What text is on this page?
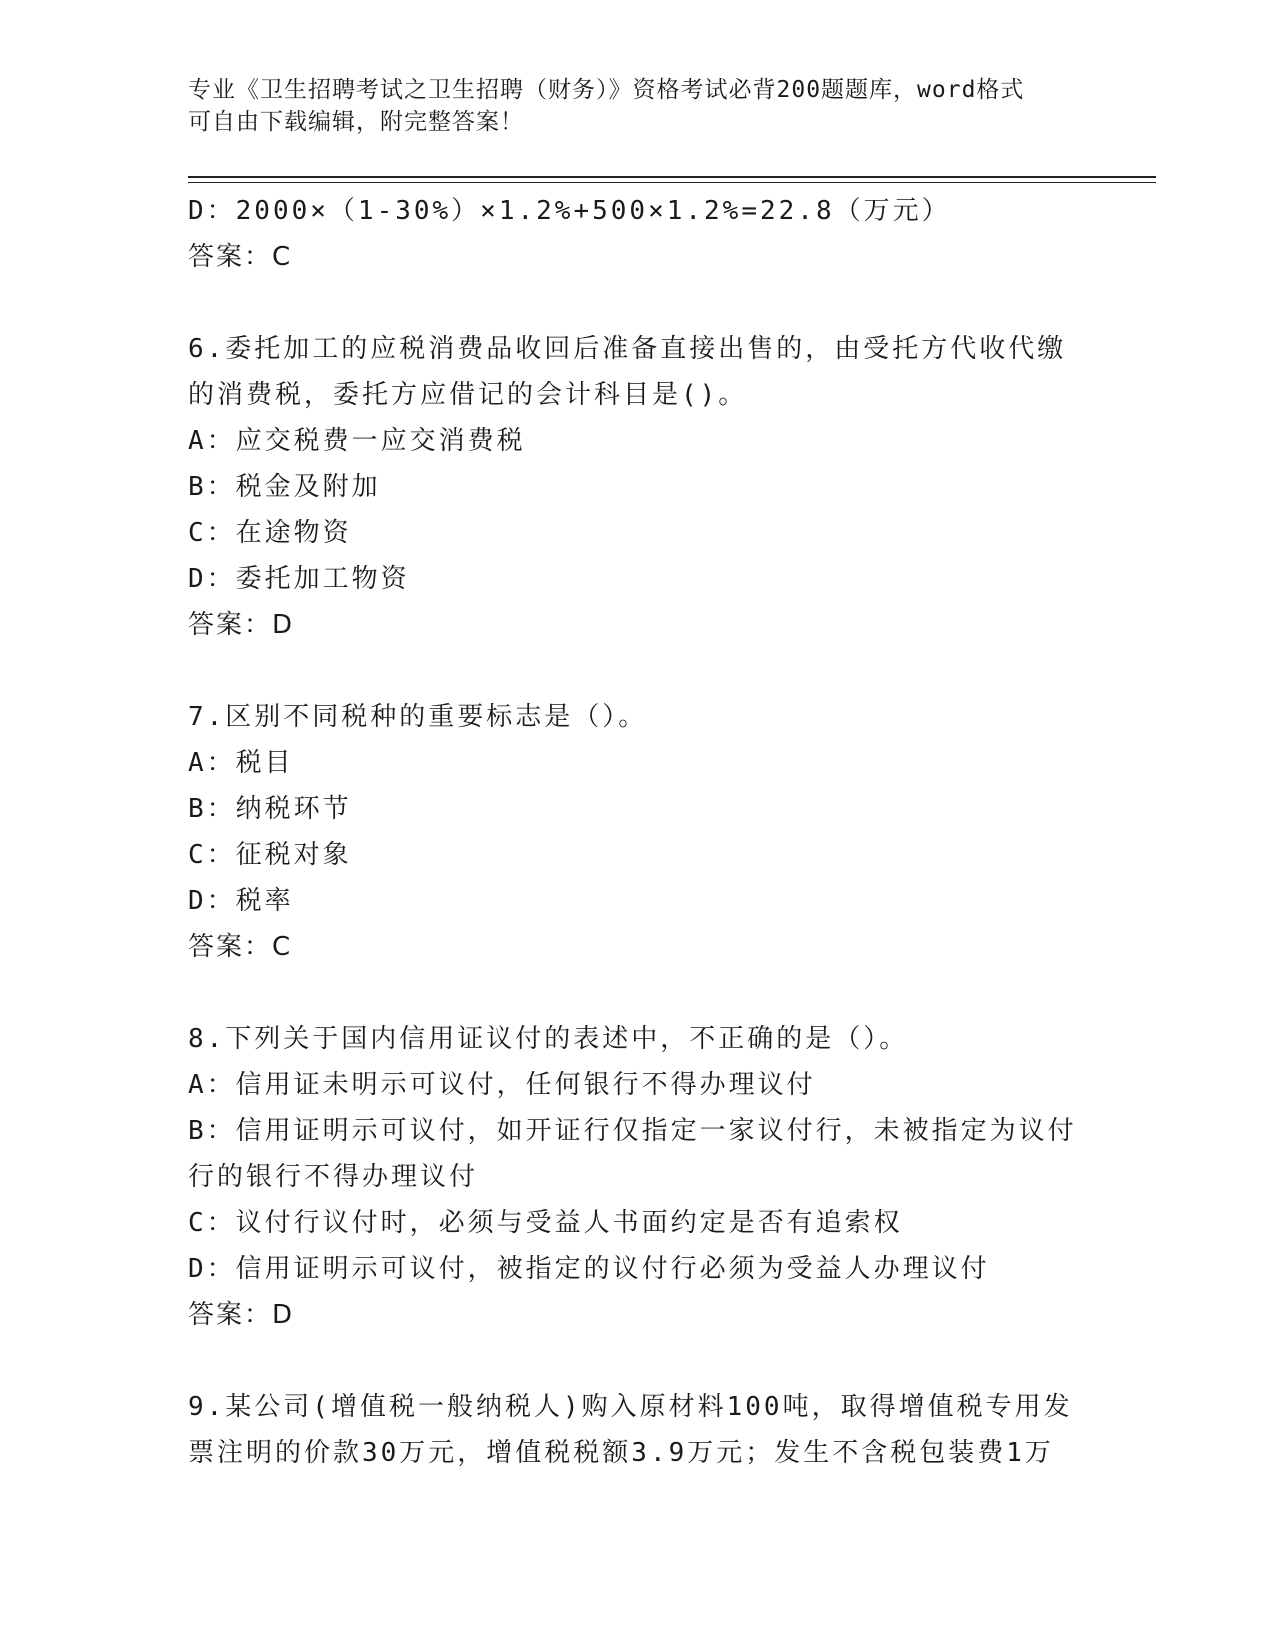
专业《卫生招聘考试之卫生招聘（财务）》资格考试必背200题题库，word格式
可自由下载编辑，附完整答案！
D：2000×（1-30%）×1.2%+500×1.2%=22.8（万元）
答案：C
6.委托加工的应税消费品收回后准备直接出售的，由受托方代收代缴
的消费税，委托方应借记的会计科目是()。
A：应交税费一应交消费税
B：税金及附加
C：在途物资
D：委托加工物资
答案：D
7.区别不同税种的重要标志是（）。
A：税目
B：纳税环节
C：征税对象
D：税率
答案：C
8.下列关于国内信用证议付的表述中，不正确的是（）。
A：信用证未明示可议付，任何银行不得办理议付
B：信用证明示可议付，如开证行仅指定一家议付行，未被指定为议付
行的银行不得办理议付
C：议付行议付时，必须与受益人书面约定是否有追索权
D：信用证明示可议付，被指定的议付行必须为受益人办理议付
答案：D
9.某公司(增值税一般纳税人)购入原材料100吨，取得增值税专用发
票注明的价款30万元，增值税税额3.9万元；发生不含税包装费1万
